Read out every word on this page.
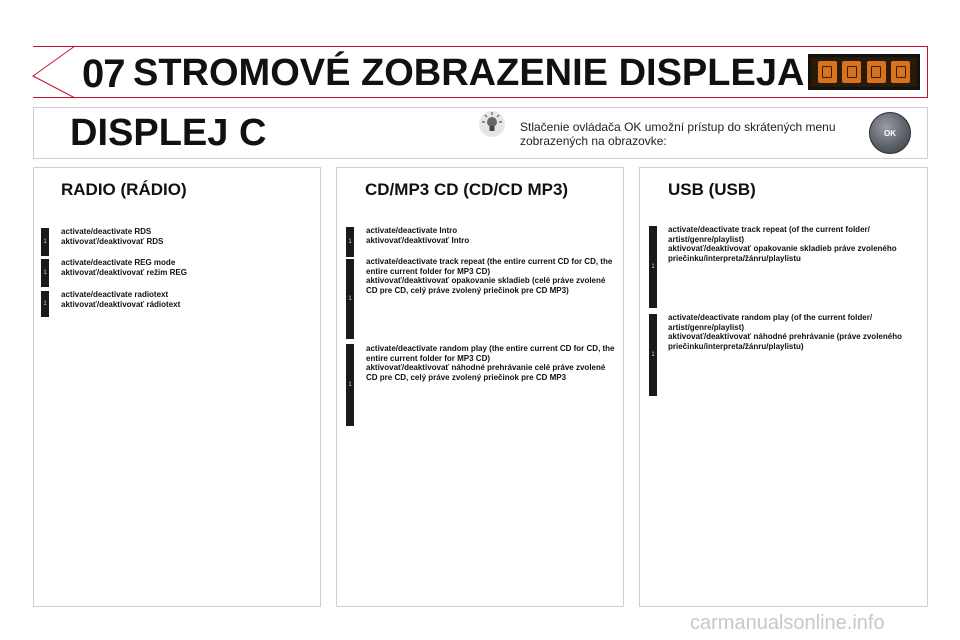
07 STROMOVÉ ZOBRAZENIE DISPLEJA
DISPLEJ C	Stlačenie ovládača OK umožní prístup do skrátených menu zobrazených na obrazovke:
OK
RADIO (RÁDIO)
1
activate/deactivate RDS
aktivovať/deaktivovať RDS
1
activate/deactivate REG mode
aktivovať/deaktivovať režim REG
1
activate/deactivate radiotext
aktivovať/deaktivovať rádiotext
CD/MP3 CD (CD/CD MP3)
1
activate/deactivate Intro
aktivovať/deaktivovať Intro
1
activate/deactivate track repeat (the entire current CD for CD, the entire current folder for MP3 CD)
aktivovať/deaktivovať opakovanie skladieb (celé práve zvolené CD pre CD, celý práve zvolený priečinok pre CD MP3)
1
activate/deactivate random play (the entire current CD for CD, the entire current folder for MP3 CD)
aktivovať/deaktivovať náhodné prehrávanie celé práve zvolené CD pre CD, celý práve zvolený priečinok pre CD MP3
USB (USB)
1
activate/deactivate track repeat (of the current folder/ artist/genre/playlist)
aktivovať/deaktivovať opakovanie skladieb práve zvoleného priečinku/interpreta/žánru/playlistu
1
activate/deactivate random play (of the current folder/ artist/genre/playlist)
aktivovať/deaktivovať náhodné prehrávanie (práve zvoleného priečinku/interpreta/žánru/playlistu)
carmanualsonline.info
